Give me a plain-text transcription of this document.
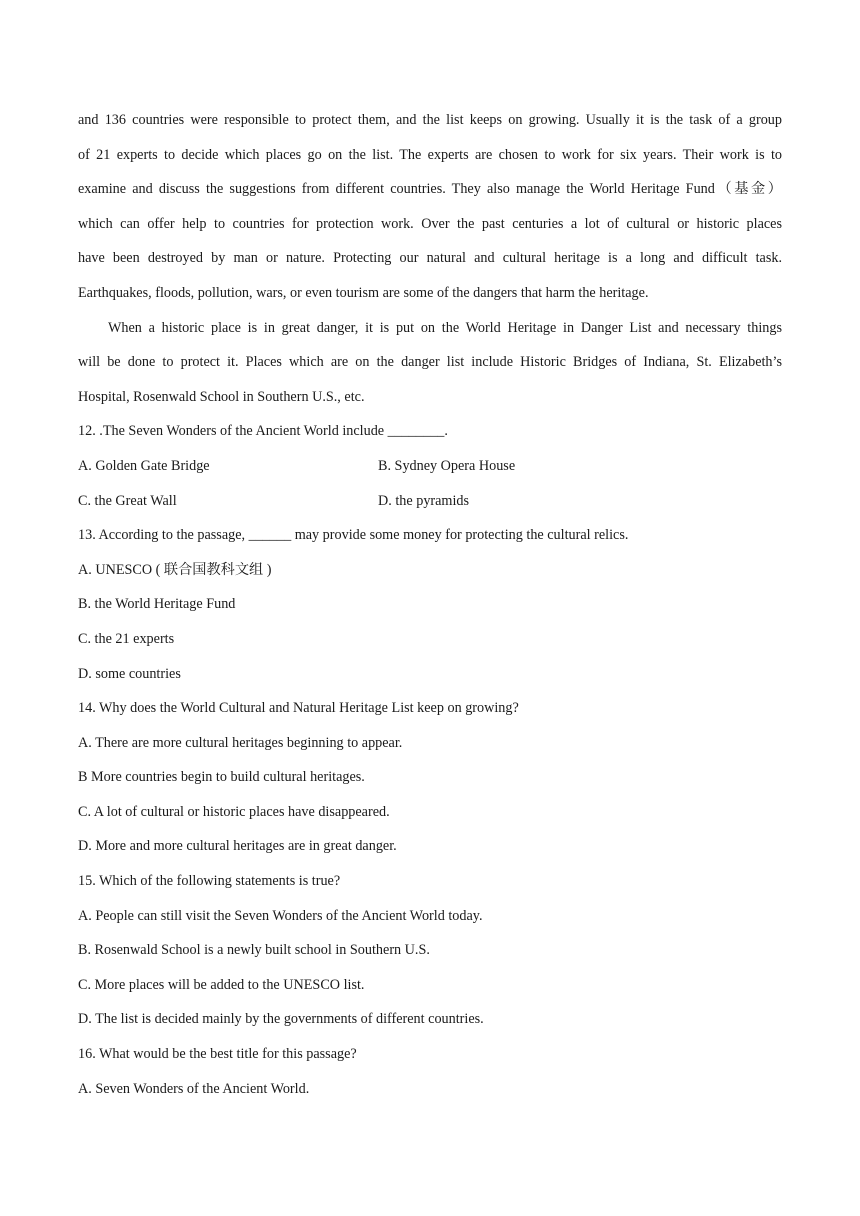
and 136 countries were responsible to protect them, and the list keeps on growing. Usually it is the task of a group
of 21 experts to decide which places go on the list. The experts are chosen to work for six years. Their work is to
examine and discuss the suggestions from different countries. They also manage the World Heritage Fund（基金）
which can offer help to countries for protection work. Over the past centuries a lot of cultural or historic places
have been destroyed by man or nature. Protecting our natural and cultural heritage is a long and difficult task.
Earthquakes, floods, pollution, wars, or even tourism are some of the dangers that harm the heritage.
When a historic place is in great danger, it is put on the World Heritage in Danger List and necessary things
will be done to protect it. Places which are on the danger list include Historic Bridges of Indiana, St. Elizabeth’s
Hospital, Rosenwald School in Southern U.S., etc.
12. .The Seven Wonders of the Ancient World include ________.
A. Golden Gate Bridge	B. Sydney Opera House
C. the Great Wall	D. the pyramids
13. According to the passage, ______ may provide some money for protecting the cultural relics.
A. UNESCO ( 联合国教科文组 )
B. the World Heritage Fund
C. the 21 experts
D. some countries
14. Why does the World Cultural and Natural Heritage List keep on growing?
A. There are more cultural heritages beginning to appear.
B More countries begin to build cultural heritages.
C. A lot of cultural or historic places have disappeared.
D. More and more cultural heritages are in great danger.
15. Which of the following statements is true?
A. People can still visit the Seven Wonders of the Ancient World today.
B. Rosenwald School is a newly built school in Southern U.S.
C. More places will be added to the UNESCO list.
D. The list is decided mainly by the governments of different countries.
16. What would be the best title for this passage?
A. Seven Wonders of the Ancient World.
